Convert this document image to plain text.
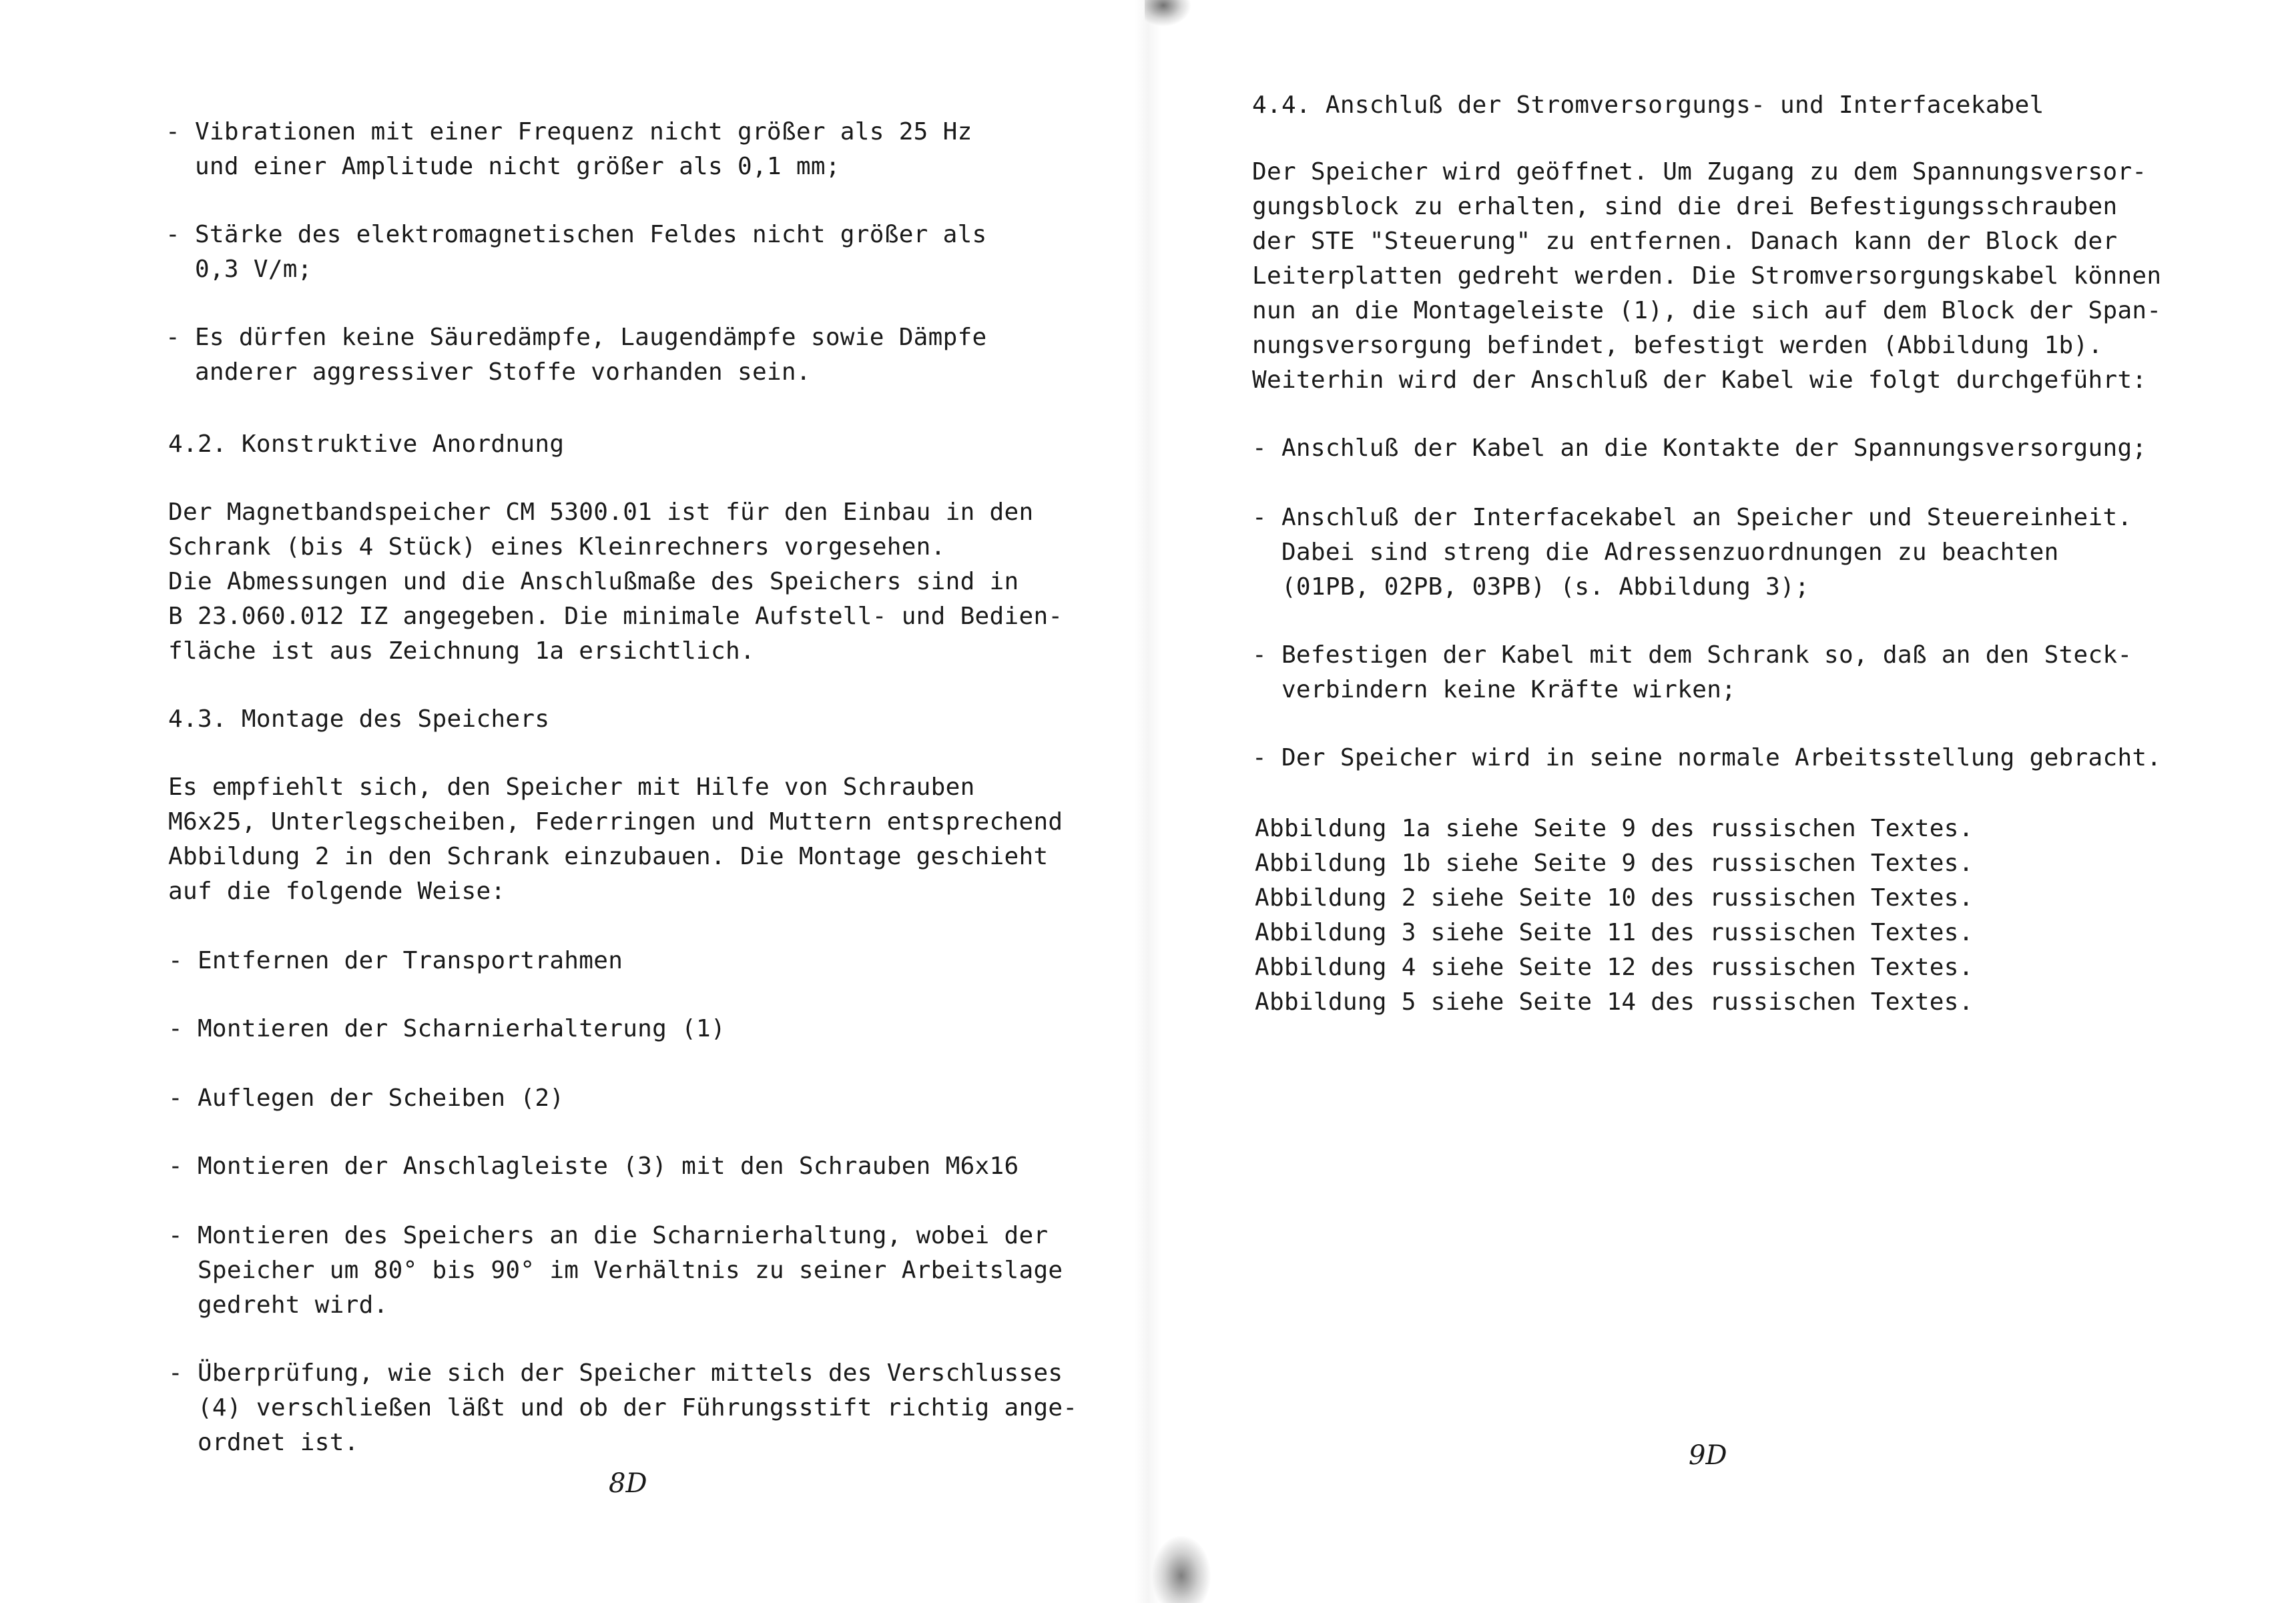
- Vibrationen mit einer Frequenz nicht größer als 25 Hz
und einer Amplitude nicht größer als 0,1 mm;
- Stärke des elektromagnetischen Feldes nicht größer als
0,3 V/m;
- Es dürfen keine Säuredämpfe, Laugendämpfe sowie Dämpfe
anderer aggressiver Stoffe vorhanden sein.
4.2. Konstruktive Anordnung
Der Magnetbandspeicher CM 5300.01 ist für den Einbau in den
Schrank (bis 4 Stück) eines Kleinrechners vorgesehen.
Die Abmessungen und die Anschlußmaße des Speichers sind in
B 23.060.012 IZ angegeben. Die minimale Aufstell- und Bedien-
fläche ist aus Zeichnung 1a ersichtlich.
4.3. Montage des Speichers
Es empfiehlt sich, den Speicher mit Hilfe von Schrauben
M6x25, Unterlegscheiben, Federringen und Muttern entsprechend
Abbildung 2 in den Schrank einzubauen. Die Montage geschieht
auf die folgende Weise:
- Entfernen der Transportrahmen
- Montieren der Scharnierhalterung (1)
- Auflegen der Scheiben (2)
- Montieren der Anschlagleiste (3) mit den Schrauben M6x16
- Montieren des Speichers an die Scharnierhaltung, wobei der
Speicher um 80° bis 90° im Verhältnis zu seiner Arbeitslage
gedreht wird.
- Überprüfung, wie sich der Speicher mittels des Verschlusses
(4) verschließen läßt und ob der Führungsstift richtig ange-
ordnet ist.
8D
4.4. Anschluß der Stromversorgungs- und Interfacekabel
Der Speicher wird geöffnet. Um Zugang zu dem Spannungsversor-
gungsblock zu erhalten, sind die drei Befestigungsschrauben
der STE "Steuerung" zu entfernen. Danach kann der Block der
Leiterplatten gedreht werden. Die Stromversorgungskabel können
nun an die Montageleiste (1), die sich auf dem Block der Span-
nungsversorgung befindet, befestigt werden (Abbildung 1b).
Weiterhin wird der Anschluß der Kabel wie folgt durchgeführt:
- Anschluß der Kabel an die Kontakte der Spannungsversorgung;
- Anschluß der Interfacekabel an Speicher und Steuereinheit.
Dabei sind streng die Adressenzuordnungen zu beachten
(01PB, 02PB, 03PB) (s. Abbildung 3);
- Befestigen der Kabel mit dem Schrank so, daß an den Steck-
verbindern keine Kräfte wirken;
- Der Speicher wird in seine normale Arbeitsstellung gebracht.
Abbildung 1a siehe Seite 9 des russischen Textes.
Abbildung 1b siehe Seite 9 des russischen Textes.
Abbildung 2 siehe Seite 10 des russischen Textes.
Abbildung 3 siehe Seite 11 des russischen Textes.
Abbildung 4 siehe Seite 12 des russischen Textes.
Abbildung 5 siehe Seite 14 des russischen Textes.
9D
